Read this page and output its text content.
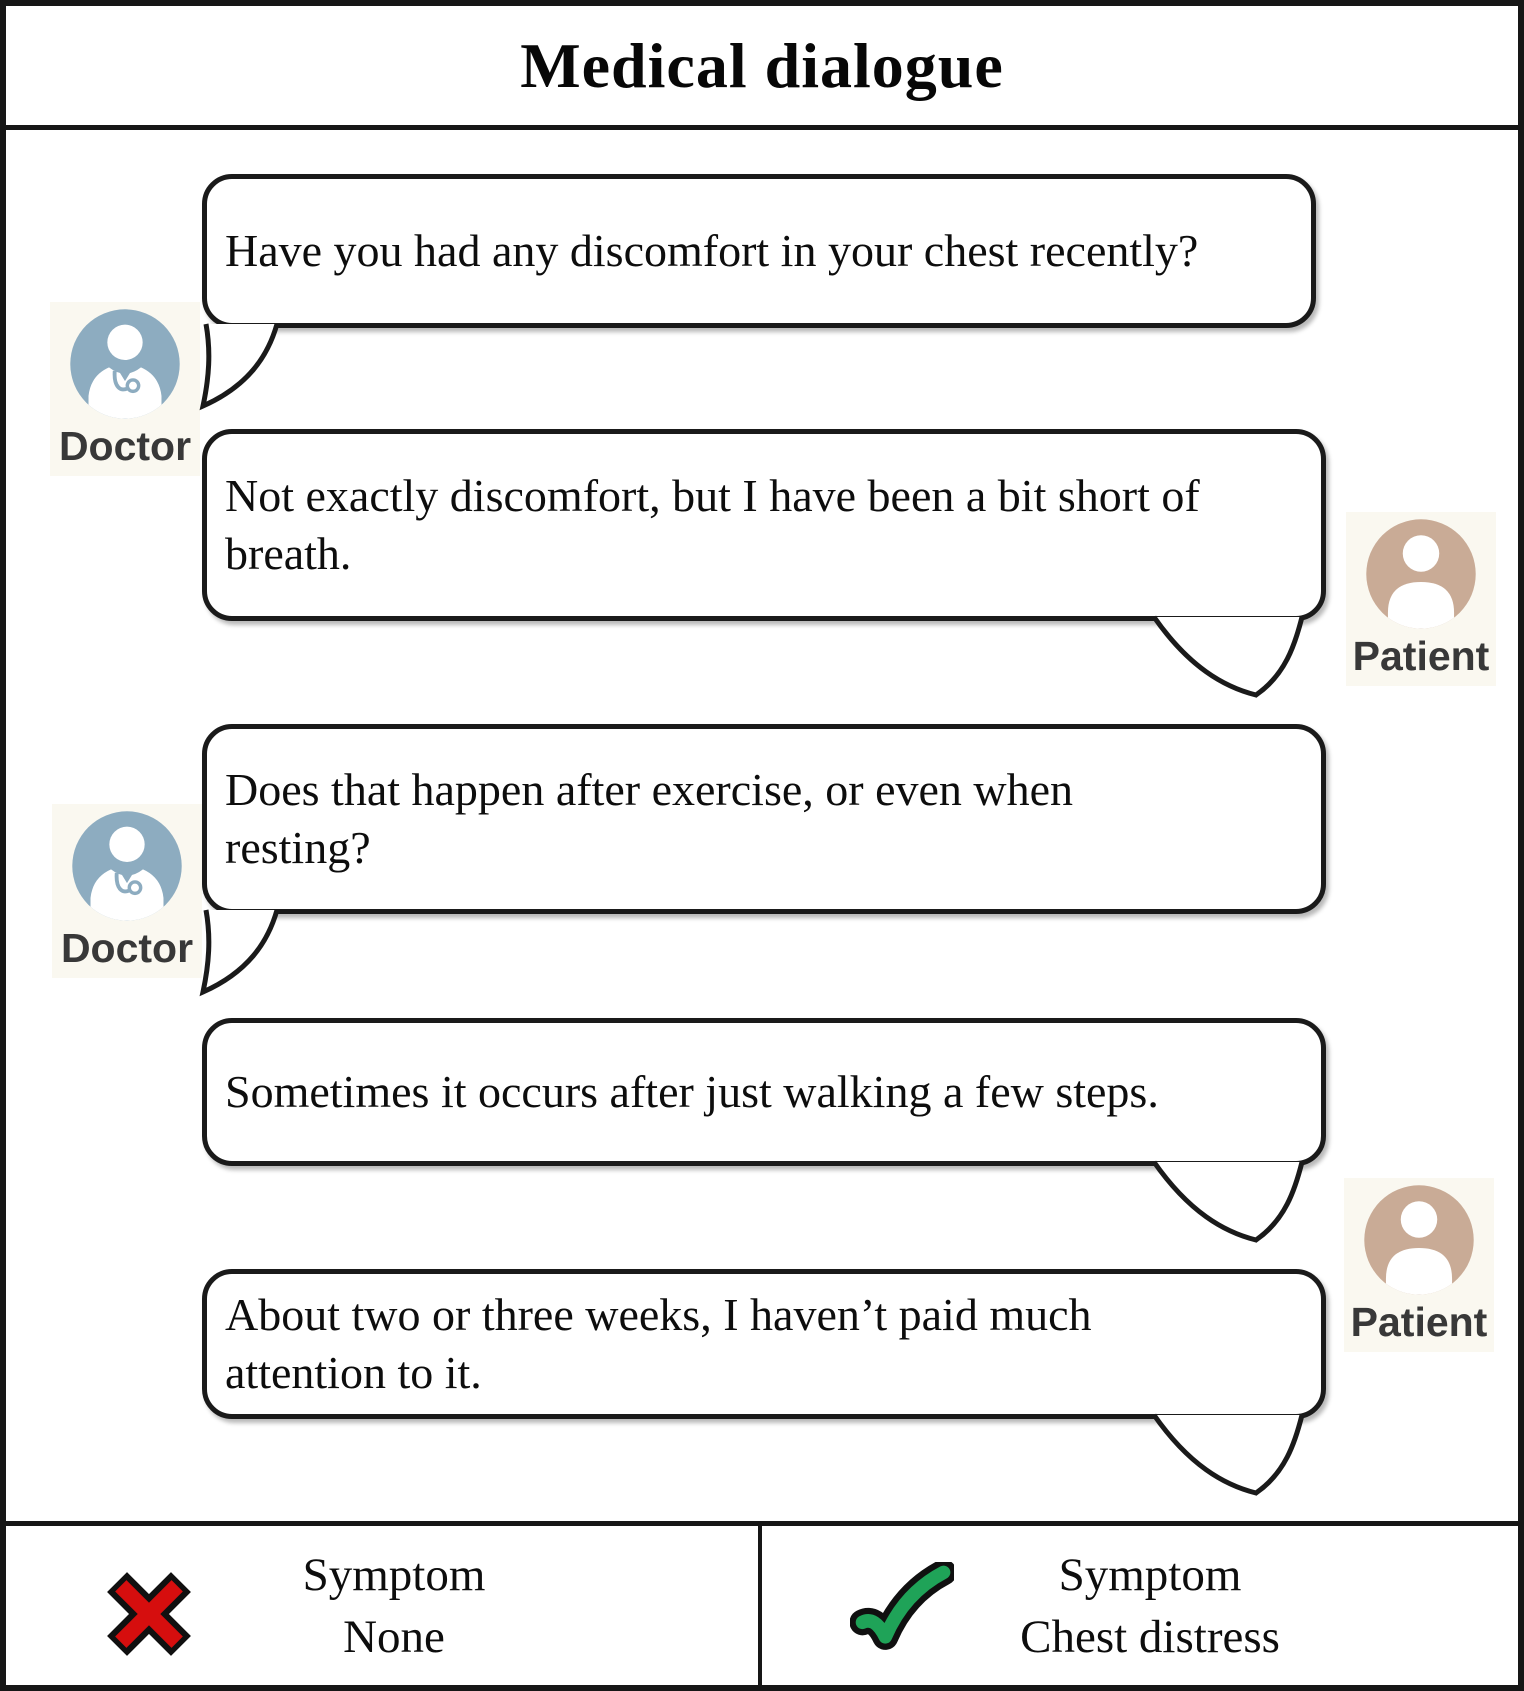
Medical dialogue
Have you had any discomfort in your chest recently?
Doctor
Not exactly discomfort, but I have been a bit short of
breath.
Patient
Does that happen after exercise, or even when
resting?
Doctor
Sometimes it occurs after just walking a few steps.
Patient
About two or three weeks, I haven’t paid much
attention to it.
Symptom
None
Symptom
Chest distress
